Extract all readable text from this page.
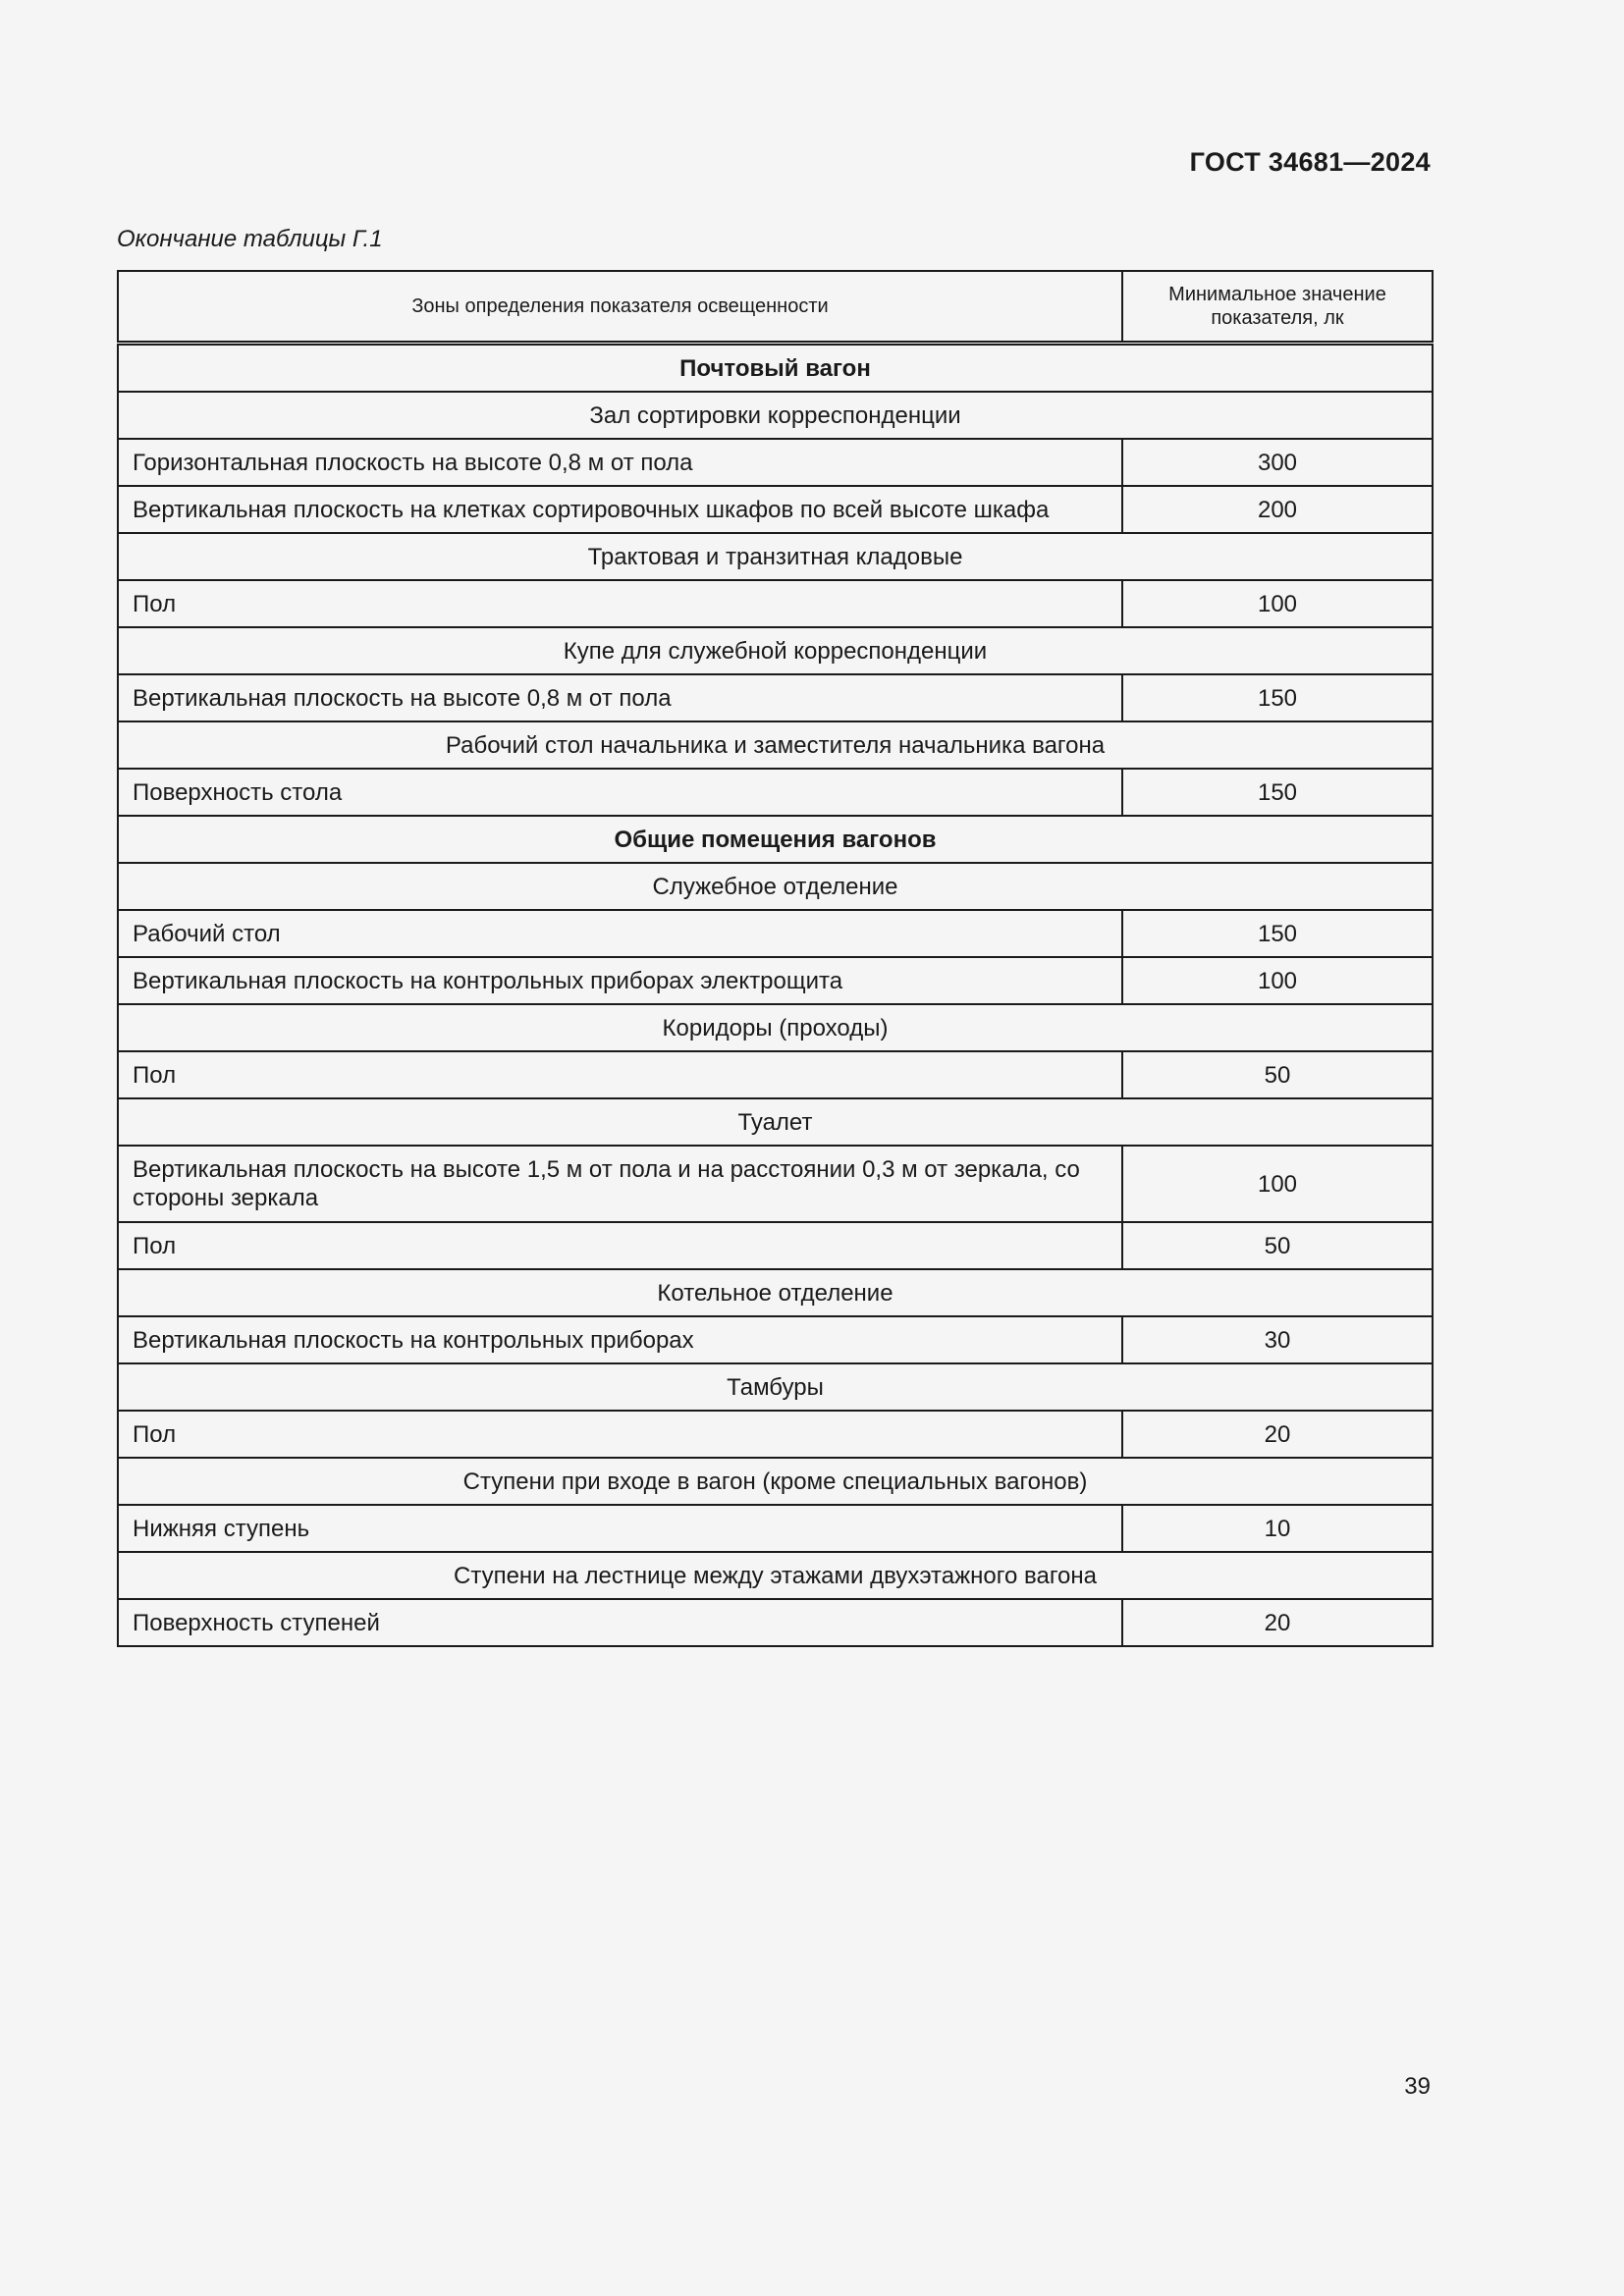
ГОСТ 34681—2024
Окончание таблицы Г.1
Зоны определения показателя освещенности	Минимальное значение показателя, лк
Почтовый вагон	
Зал сортировки корреспонденции	
Горизонтальная плоскость на высоте 0,8 м от пола	300
Вертикальная плоскость на клетках сортировочных шкафов по всей высоте шкафа	200
Трактовая и транзитная кладовые	
Пол	100
Купе для служебной корреспонденции	
Вертикальная плоскость на высоте 0,8 м от пола	150
Рабочий стол начальника и заместителя начальника вагона	
Поверхность стола	150
Общие помещения вагонов	
Служебное отделение	
Рабочий стол	150
Вертикальная плоскость на контрольных приборах электрощита	100
Коридоры (проходы)	
Пол	50
Туалет	
Вертикальная плоскость на высоте 1,5 м от пола и на расстоянии 0,3 м от зеркала, со стороны зеркала	100
Пол	50
Котельное отделение	
Вертикальная плоскость на контрольных приборах	30
Тамбуры	
Пол	20
Ступени при входе в вагон (кроме специальных вагонов)	
Нижняя ступень	10
Ступени на лестнице между этажами двухэтажного вагона	
Поверхность ступеней	20
39
